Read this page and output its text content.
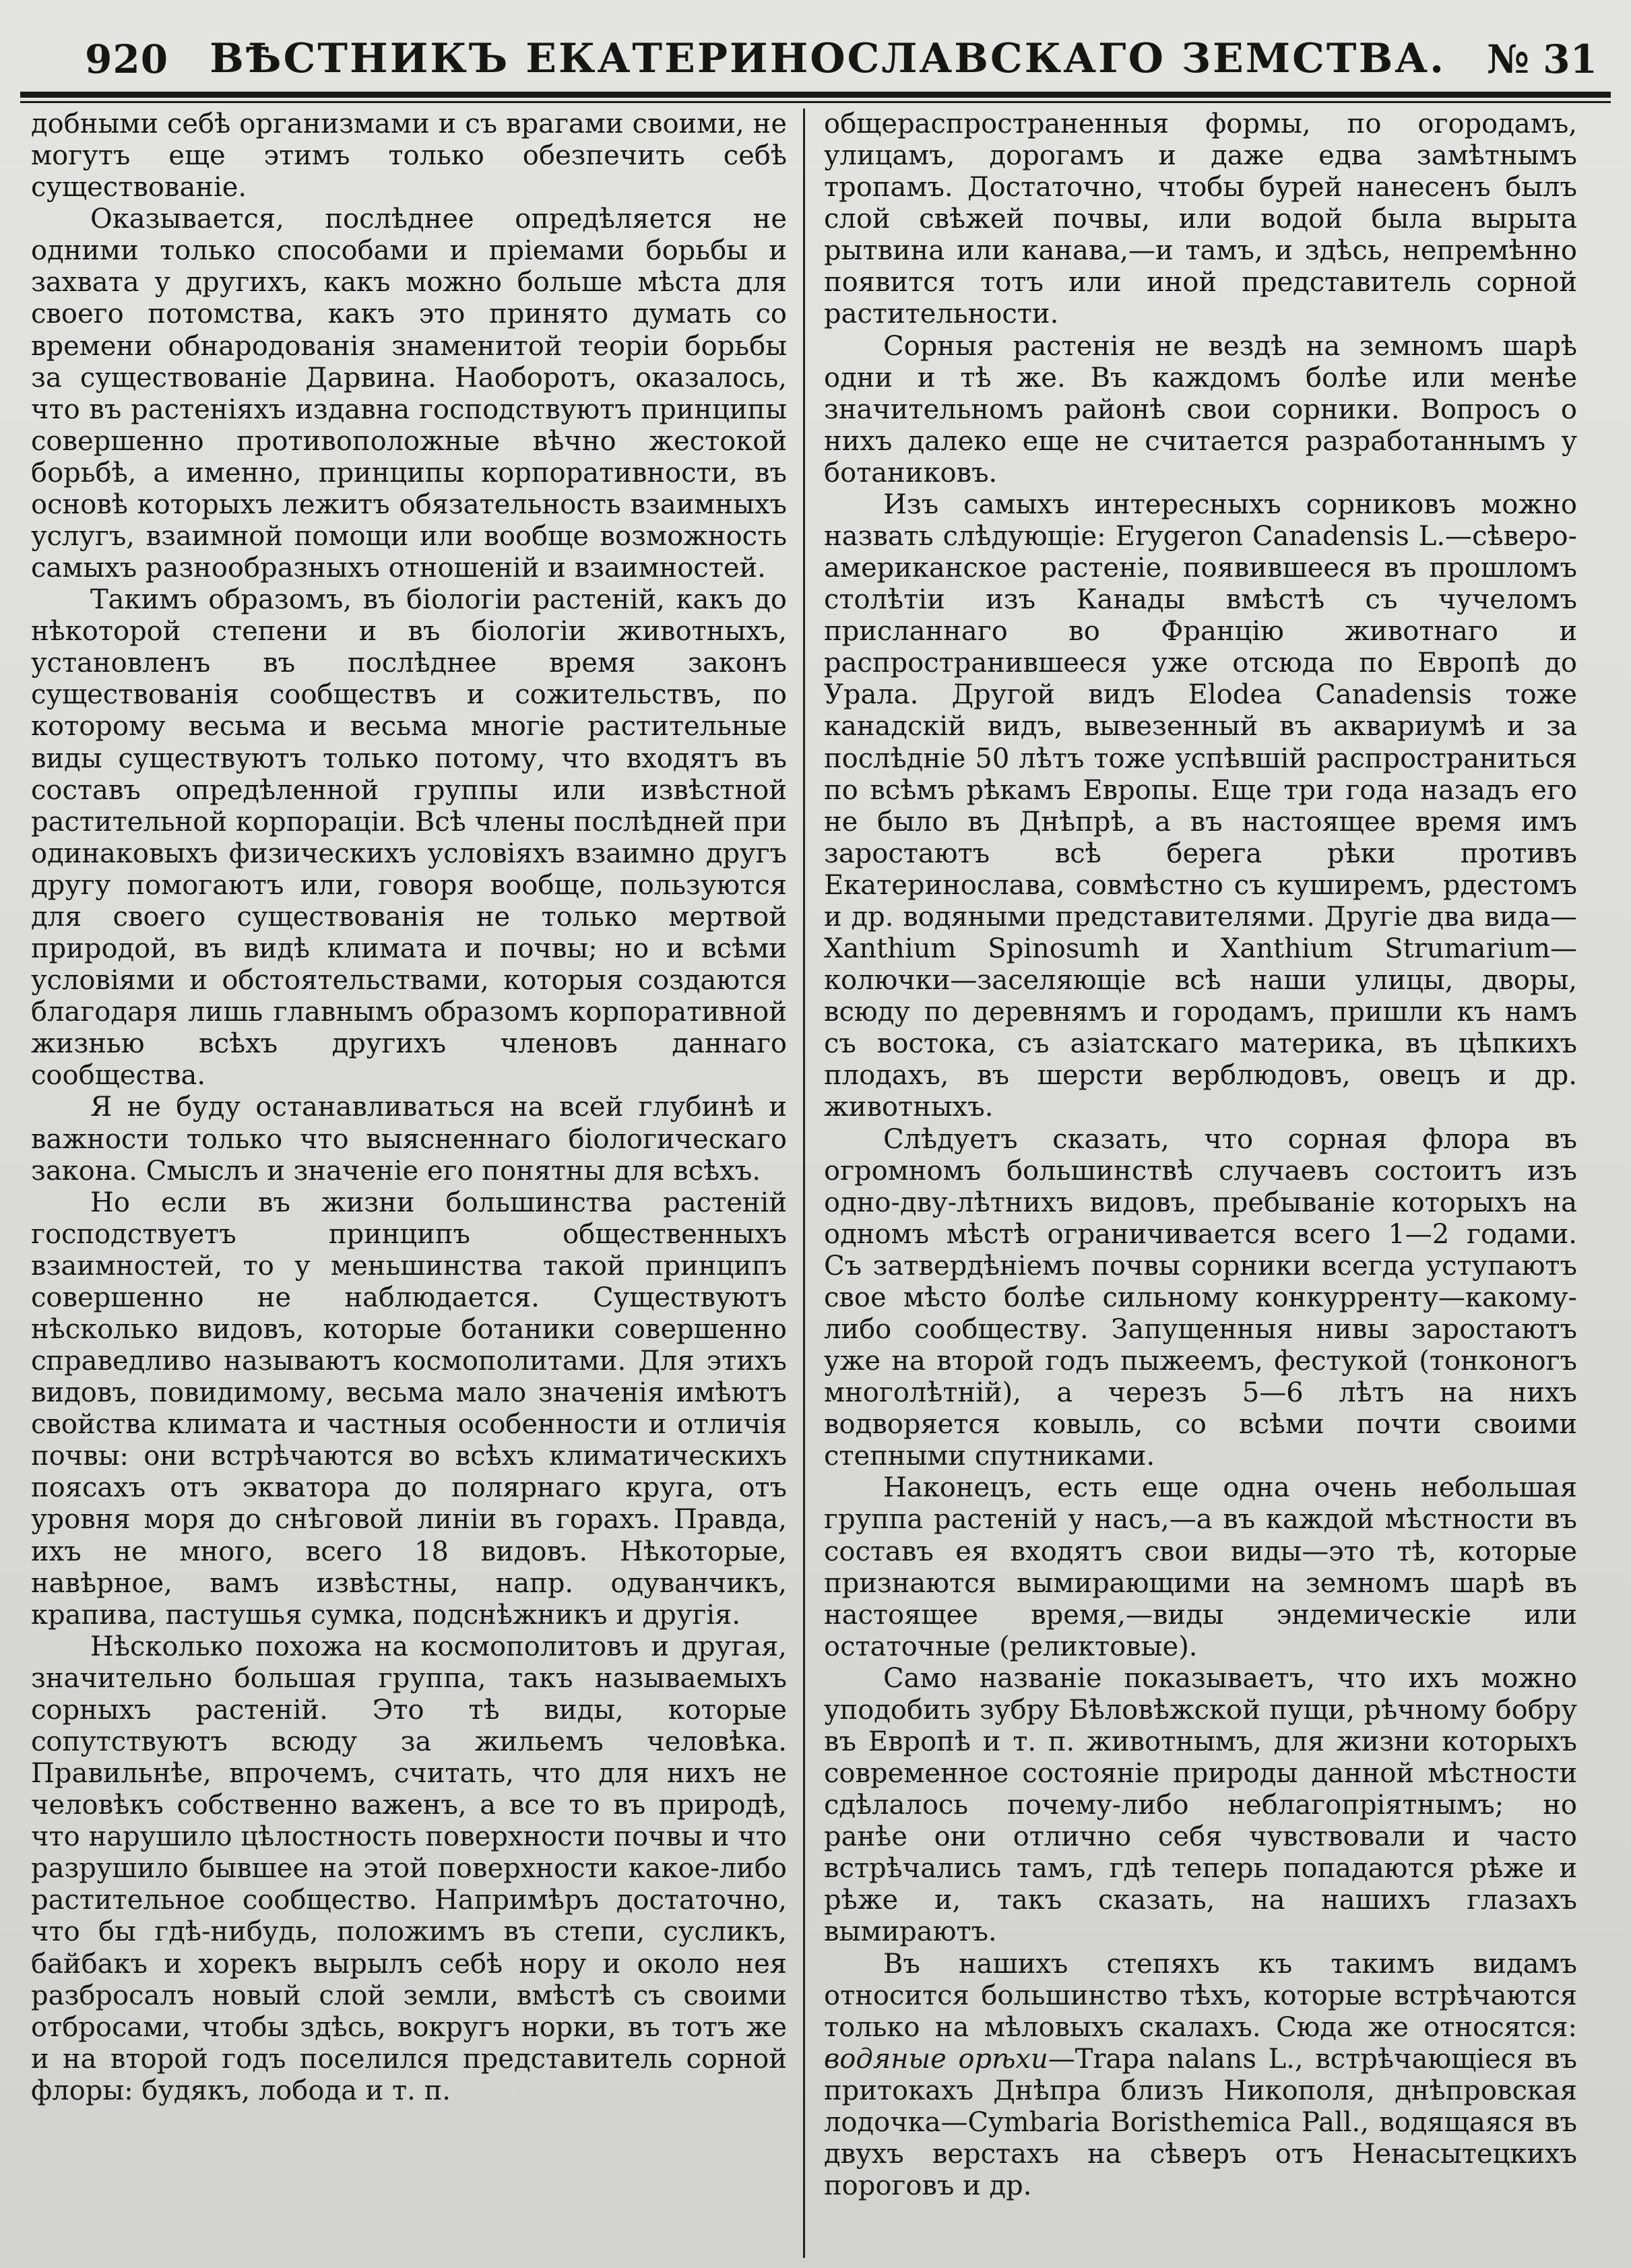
920 ВѢСТНИКЪ ЕКАТЕРИНОСЛАВСКАГО ЗЕМСТВА. № 31

добными себѣ организмами и съ врагами своими, не могутъ еще этимъ только обезпечить себѣ существованіе.

Оказывается, послѣднее опредѣляется не одними только способами и пріемами борьбы и захвата у другихъ, какъ можно больше мѣста для своего потомства, какъ это принято думать со времени обнародованія знаменитой теоріи борьбы за существованіе Дарвина. Наоборотъ, оказалось, что въ растеніяхъ издавна господствуютъ принципы совершенно противоположные вѣчно жестокой борьбѣ, а именно, принципы корпоративности, въ основѣ которыхъ лежитъ обязательность взаимныхъ услугъ, взаимной помощи или вообще возможность самыхъ разнообразныхъ отношеній и взаимностей.

Такимъ образомъ, въ біологіи растеній, какъ до нѣкоторой степени и въ біологіи животныхъ, установленъ въ послѣднее время законъ существованія сообществъ и сожительствъ, по которому весьма и весьма многіе растительные виды существуютъ только потому, что входятъ въ составъ опредѣленной группы или извѣстной растительной корпораціи. Всѣ члены послѣдней при одинаковыхъ физическихъ условіяхъ взаимно другъ другу помогаютъ или, говоря вообще, пользуются для своего существованія не только мертвой природой, въ видѣ климата и почвы; но и всѣми условіями и обстоятельствами, которыя создаются благодаря лишь главнымъ образомъ корпоративной жизнью всѣхъ другихъ членовъ даннаго сообщества.

Я не буду останавливаться на всей глубинѣ и важности только что выясненнаго біологическаго закона. Смыслъ и значеніе его понятны для всѣхъ.

Но если въ жизни большинства растеній господствуетъ принципъ общественныхъ взаимностей, то у меньшинства такой принципъ совершенно не наблюдается. Существуютъ нѣсколько видовъ, которые ботаники совершенно справедливо называютъ космополитами. Для этихъ видовъ, повидимому, весьма мало значенія имѣютъ свойства климата и частныя особенности и отличія почвы: они встрѣчаются во всѣхъ климатическихъ поясахъ отъ экватора до полярнаго круга, отъ уровня моря до снѣговой линіи въ горахъ. Правда, ихъ не много, всего 18 видовъ. Нѣкоторые, навѣрное, вамъ извѣстны, напр. одуванчикъ, крапива, пастушья сумка, подснѣжникъ и другія.

Нѣсколько похожа на космополитовъ и другая, значительно большая группа, такъ называемыхъ сорныхъ растеній. Это тѣ виды, которые сопутствуютъ всюду за жильемъ человѣка. Правильнѣе, впрочемъ, считать, что для нихъ не человѣкъ собственно важенъ, а все то въ природѣ, что нарушило цѣлостность поверхности почвы и что разрушило бывшее на этой поверхности какое-либо растительное сообщество. Напримѣръ достаточно, что бы гдѣ-нибудь, положимъ въ степи, сусликъ, байбакъ и хорекъ вырылъ себѣ нору и около нея разбросалъ новый слой земли, вмѣстѣ съ своими отбросами, чтобы здѣсь, вокругъ норки, въ тотъ же и на второй годъ поселился представитель сорной флоры: будякъ, лобода и т. п.

общераспространенныя формы, по огородамъ, улицамъ, дорогамъ и даже едва замѣтнымъ тропамъ. Достаточно, чтобы бурей нанесенъ былъ слой свѣжей почвы, или водой была вырыта рытвина или канава,—и тамъ, и здѣсь, непремѣнно появится тотъ или иной представитель сорной растительности.

Сорныя растенія не вездѣ на земномъ шарѣ одни и тѣ же. Въ каждомъ болѣе или менѣе значительномъ районѣ свои сорники. Вопросъ о нихъ далеко еще не считается разработаннымъ у ботаниковъ.

Изъ самыхъ интересныхъ сорниковъ можно назвать слѣдующіе: Erygeron Canadensis L.—сѣверо-американское растеніе, появившееся въ прошломъ столѣтіи изъ Канады вмѣстѣ съ чучеломъ присланнаго во Францію животнаго и распространившееся уже отсюда по Европѣ до Урала. Другой видъ Elodea Canadensis тоже канадскій видъ, вывезенный въ аквариумѣ и за послѣдніе 50 лѣтъ тоже успѣвшій распространиться по всѣмъ рѣкамъ Европы. Еще три года назадъ его не было въ Днѣпрѣ, а въ настоящее время имъ заростаютъ всѣ берега рѣки противъ Екатеринослава, совмѣстно съ куширемъ, рдестомъ и др. водяными представителями. Другіе два вида—Xanthium Spinosumh и Xanthium Strumarium—колючки—заселяющіе всѣ наши улицы, дворы, всюду по деревнямъ и городамъ, пришли къ намъ съ востока, съ азіатскаго материка, въ цѣпкихъ плодахъ, въ шерсти верблюдовъ, овецъ и др. животныхъ.

Слѣдуетъ сказать, что сорная флора въ огромномъ большинствѣ случаевъ состоитъ изъ одно-дву-лѣтнихъ видовъ, пребываніе которыхъ на одномъ мѣстѣ ограничивается всего 1—2 годами. Съ затвердѣніемъ почвы сорники всегда уступаютъ свое мѣсто болѣе сильному конкурренту—какому-либо сообществу. Запущенныя нивы заростаютъ уже на второй годъ пыжеемъ, фестукой (тонконогъ многолѣтній), а черезъ 5—6 лѣтъ на нихъ водворяется ковыль, со всѣми почти своими степными спутниками.

Наконецъ, есть еще одна очень небольшая группа растеній у насъ,—а въ каждой мѣстности въ составъ ея входятъ свои виды—это тѣ, которые признаются вымирающими на земномъ шарѣ въ настоящее время,—виды эндемическіе или остаточные (реликтовые).

Само названіе показываетъ, что ихъ можно уподобить зубру Бѣловѣжской пущи, рѣчному бобру въ Европѣ и т. п. животнымъ, для жизни которыхъ современное состояніе природы данной мѣстности сдѣлалось почему-либо неблагопріятнымъ; но ранѣе они отлично себя чувствовали и часто встрѣчались тамъ, гдѣ теперь попадаются рѣже и рѣже и, такъ сказать, на нашихъ глазахъ вымираютъ.

Въ нашихъ степяхъ къ такимъ видамъ относится большинство тѣхъ, которые встрѣчаются только на мѣловыхъ скалахъ. Сюда же относятся: водяные орѣхи—Trapa nalans L., встрѣчающіеся въ притокахъ Днѣпра близъ Никополя, днѣпровская лодочка—Cymbaria Boristhemica Pall., водящаяся въ двухъ верстахъ на сѣверъ отъ Ненасытецкихъ пороговъ и др.
